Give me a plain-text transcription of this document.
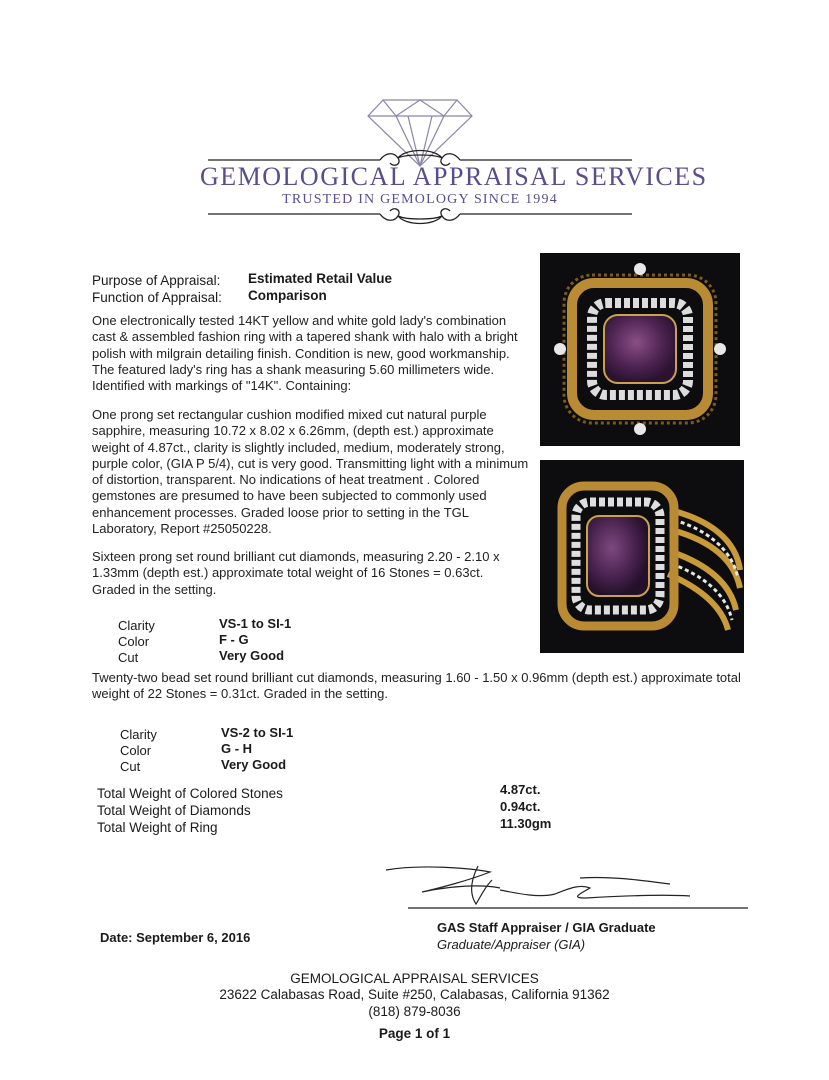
GEMOLOGICAL APPRAISAL SERVICES
TRUSTED IN GEMOLOGY SINCE 1994
Purpose of Appraisal: Estimated Retail Value
Function of Appraisal: Comparison
One electronically tested 14KT yellow and white gold lady's combination cast & assembled fashion ring with a tapered shank with halo with a bright polish with milgrain detailing finish. Condition is new, good workmanship. The featured lady's ring has a shank measuring 5.60 millimeters wide. Identified with markings of "14K". Containing:
One prong set rectangular cushion modified mixed cut natural purple sapphire, measuring 10.72 x 8.02 x 6.26mm, (depth est.) approximate weight of 4.87ct., clarity is slightly included, medium, moderately strong, purple color, (GIA P 5/4), cut is very good. Transmitting light with a minimum of distortion, transparent. No indications of heat treatment . Colored gemstones are presumed to have been subjected to commonly used enhancement processes. Graded loose prior to setting in the TGL Laboratory, Report #25050228.
Sixteen prong set round brilliant cut diamonds, measuring 2.20 - 2.10 x 1.33mm (depth est.) approximate total weight of 16 Stones = 0.63ct. Graded in the setting.
Clarity	VS-1 to SI-1
Color	F - G
Cut	Very Good
Twenty-two bead set round brilliant cut diamonds, measuring 1.60 - 1.50 x 0.96mm (depth est.) approximate total weight of 22 Stones = 0.31ct. Graded in the setting.
Clarity	VS-2 to SI-1
Color	G - H
Cut	Very Good
Total Weight of Colored Stones	4.87ct.
Total Weight of Diamonds	0.94ct.
Total Weight of Ring	11.30gm
GAS Staff Appraiser / GIA Graduate
Graduate/Appraiser (GIA)
Date: September 6, 2016
GEMOLOGICAL APPRAISAL SERVICES
23622 Calabasas Road, Suite #250, Calabasas, California 91362
(818) 879-8036
Page 1 of 1
